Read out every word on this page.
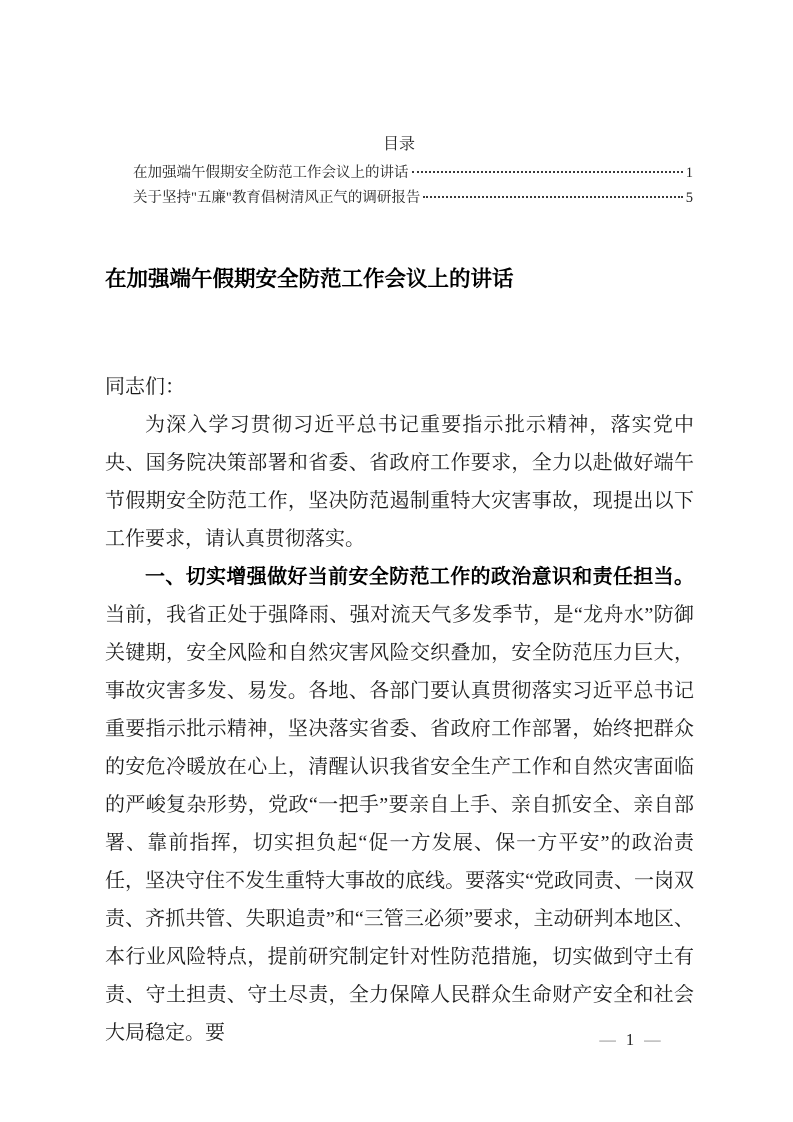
目录
在加强端午假期安全防范工作会议上的讲话	1
关于坚持"五廉"教育倡树清风正气的调研报告	5
在加强端午假期安全防范工作会议上的讲话

同志们：

为深入学习贯彻习近平总书记重要指示批示精神，落实党中央、国务院决策部署和省委、省政府工作要求，全力以赴做好端午节假期安全防范工作，坚决防范遏制重特大灾害事故，现提出以下工作要求，请认真贯彻落实。

一、切实增强做好当前安全防范工作的政治意识和责任担当。当前，我省正处于强降雨、强对流天气多发季节，是“龙舟水”防御关键期，安全风险和自然灾害风险交织叠加，安全防范压力巨大，事故灾害多发、易发。各地、各部门要认真贯彻落实习近平总书记重要指示批示精神，坚决落实省委、省政府工作部署，始终把群众的安危冷暖放在心上，清醒认识我省安全生产工作和自然灾害面临的严峻复杂形势，党政“一把手”要亲自上手、亲自抓安全、亲自部署、靠前指挥，切实担负起“促一方发展、保一方平安”的政治责任，坚决守住不发生重特大事故的底线。要落实“党政同责、一岗双责、齐抓共管、失职追责”和“三管三必须”要求，主动研判本地区、本行业风险特点，提前研究制定针对性防范措施，切实做到守土有责、守土担责、守土尽责，全力保障人民群众生命财产安全和社会大局稳定。要	— 1 —
